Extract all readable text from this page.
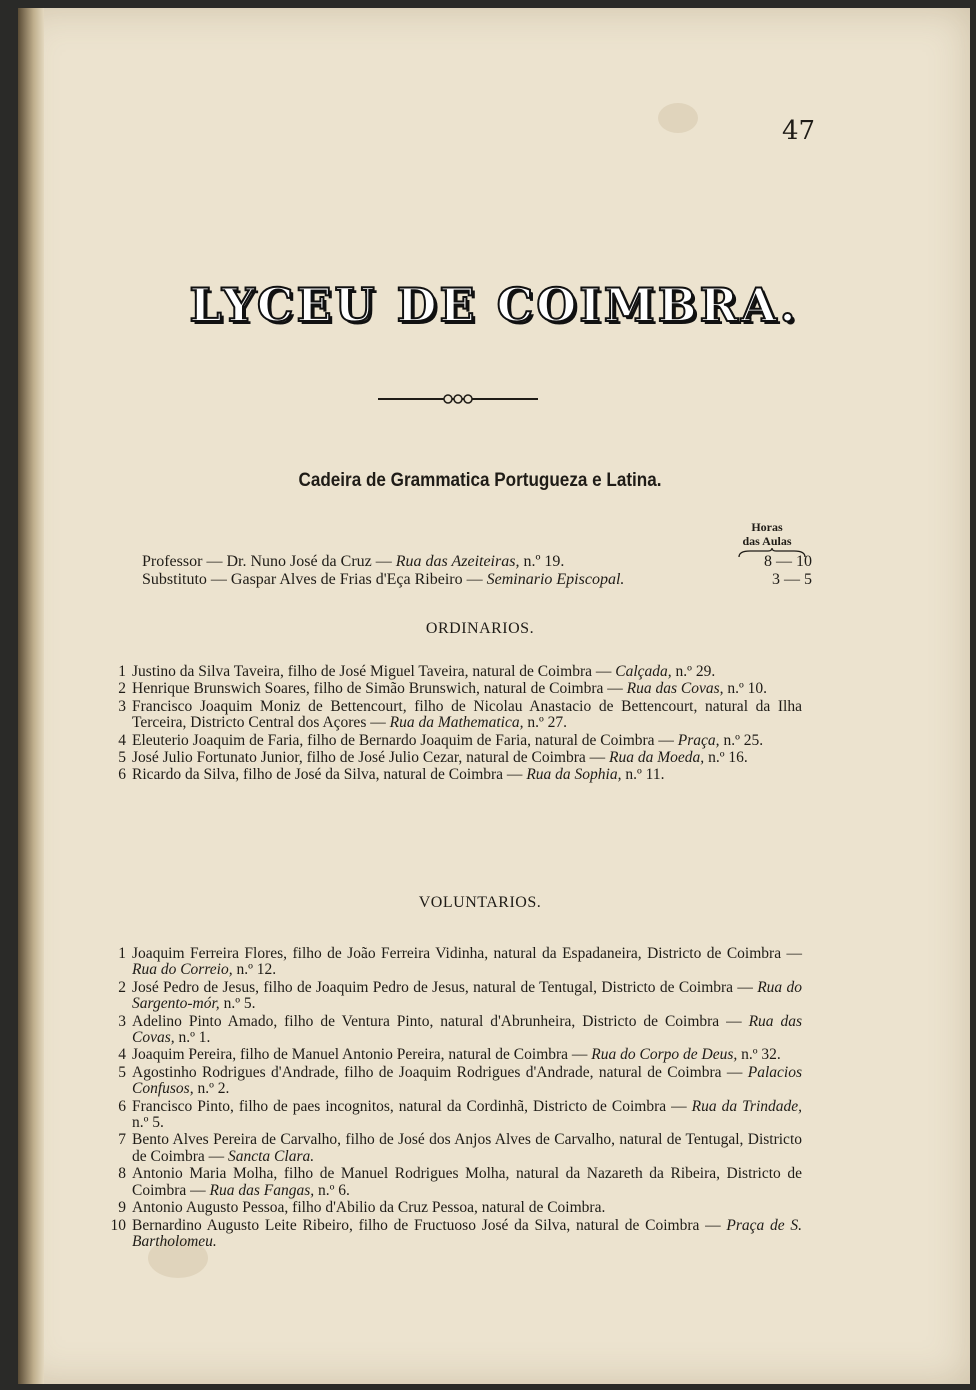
47
LYCEU DE COIMBRA.
Cadeira de Grammatica Portugueza e Latina.
Horas
das Aulas
Professor — Dr. Nuno José da Cruz — Rua das Azeiteiras, n.º 19.	8 — 10
Substituto — Gaspar Alves de Frias d'Eça Ribeiro — Seminario Episcopal.	3 — 5
ORDINARIOS.
1 Justino da Silva Taveira, filho de José Miguel Taveira, natural de Coimbra — Calçada, n.º 29.
2 Henrique Brunswich Soares, filho de Simão Brunswich, natural de Coimbra — Rua das Covas, n.º 10.
3 Francisco Joaquim Moniz de Bettencourt, filho de Nicolau Anastacio de Bettencourt, natural da Ilha Terceira, Districto Central dos Açores — Rua da Mathematica, n.º 27.
4 Eleuterio Joaquim de Faria, filho de Bernardo Joaquim de Faria, natural de Coimbra — Praça, n.º 25.
5 José Julio Fortunato Junior, filho de José Julio Cezar, natural de Coimbra — Rua da Moeda, n.º 16.
6 Ricardo da Silva, filho de José da Silva, natural de Coimbra — Rua da Sophia, n.º 11.
VOLUNTARIOS.
1 Joaquim Ferreira Flores, filho de João Ferreira Vidinha, natural da Espadaneira, Districto de Coimbra — Rua do Correio, n.º 12.
2 José Pedro de Jesus, filho de Joaquim Pedro de Jesus, natural de Tentugal, Districto de Coimbra — Rua do Sargento-mór, n.º 5.
3 Adelino Pinto Amado, filho de Ventura Pinto, natural d'Abrunheira, Districto de Coimbra — Rua das Covas, n.º 1.
4 Joaquim Pereira, filho de Manuel Antonio Pereira, natural de Coimbra — Rua do Corpo de Deus, n.º 32.
5 Agostinho Rodrigues d'Andrade, filho de Joaquim Rodrigues d'Andrade, natural de Coimbra — Palacios Confusos, n.º 2.
6 Francisco Pinto, filho de paes incognitos, natural da Cordinhã, Districto de Coimbra — Rua da Trindade, n.º 5.
7 Bento Alves Pereira de Carvalho, filho de José dos Anjos Alves de Carvalho, natural de Tentugal, Districto de Coimbra — Sancta Clara.
8 Antonio Maria Molha, filho de Manuel Rodrigues Molha, natural da Nazareth da Ribeira, Districto de Coimbra — Rua das Fangas, n.º 6.
9 Antonio Augusto Pessoa, filho d'Abilio da Cruz Pessoa, natural de Coimbra.
10 Bernardino Augusto Leite Ribeiro, filho de Fructuoso José da Silva, natural de Coimbra — Praça de S. Bartholomeu.
